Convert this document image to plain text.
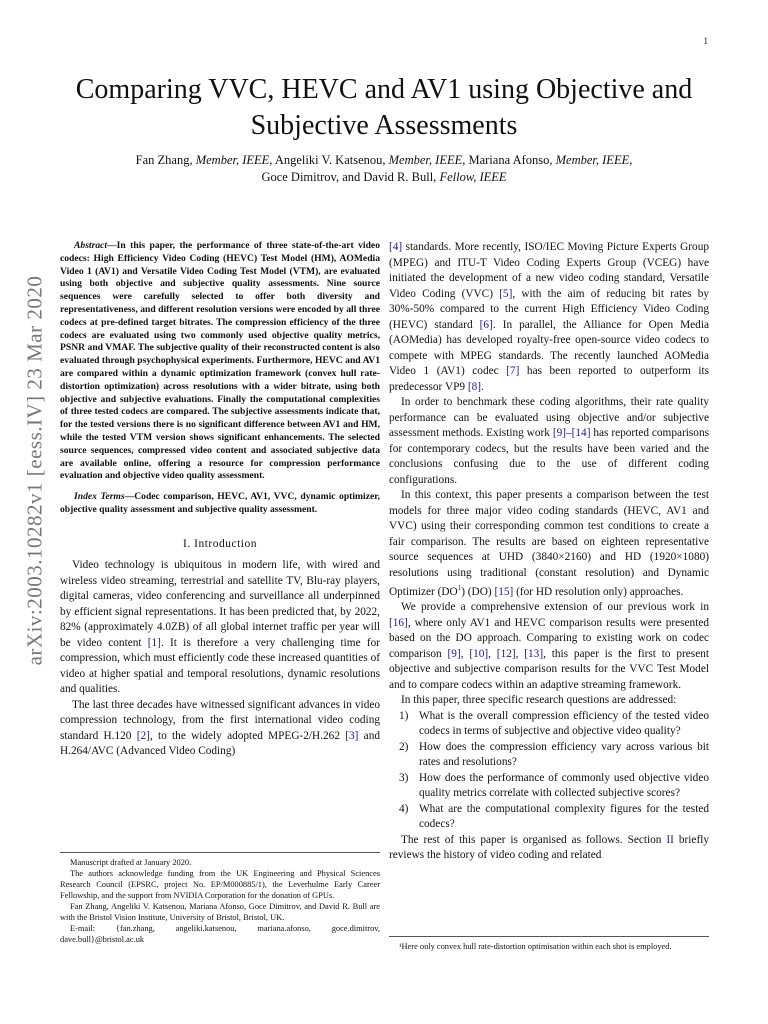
1
arXiv:2003.10282v1 [eess.IV] 23 Mar 2020
Comparing VVC, HEVC and AV1 using Objective and Subjective Assessments
Fan Zhang, Member, IEEE, Angeliki V. Katsenou, Member, IEEE, Mariana Afonso, Member, IEEE,
Goce Dimitrov, and David R. Bull, Fellow, IEEE

Abstract—In this paper, the performance of three state-of-the-art video codecs: High Efficiency Video Coding (HEVC) Test Model (HM), AOMedia Video 1 (AV1) and Versatile Video Coding Test Model (VTM), are evaluated using both objective and subjective quality assessments. Nine source sequences were carefully selected to offer both diversity and representativeness, and different resolution versions were encoded by all three codecs at pre-defined target bitrates. The compression efficiency of the three codecs are evaluated using two commonly used objective quality metrics, PSNR and VMAF. The subjective quality of their reconstructed content is also evaluated through psychophysical experiments. Furthermore, HEVC and AV1 are compared within a dynamic optimization framework (convex hull rate-distortion optimization) across resolutions with a wider bitrate, using both objective and subjective evaluations. Finally the computational complexities of three tested codecs are compared. The subjective assessments indicate that, for the tested versions there is no significant difference between AV1 and HM, while the tested VTM version shows significant enhancements. The selected source sequences, compressed video content and associated subjective data are available online, offering a resource for compression performance evaluation and objective video quality assessment.

Index Terms—Codec comparison, HEVC, AV1, VVC, dynamic optimizer, objective quality assessment and subjective quality assessment.

I. Introduction

Video technology is ubiquitous in modern life, with wired and wireless video streaming, terrestrial and satellite TV, Blu-ray players, digital cameras, video conferencing and surveillance all underpinned by efficient signal representations. It has been predicted that, by 2022, 82% (approximately 4.0ZB) of all global internet traffic per year will be video content [1]. It is therefore a very challenging time for compression, which must efficiently code these increased quantities of video at higher spatial and temporal resolutions, dynamic resolutions and qualities.

The last three decades have witnessed significant advances in video compression technology, from the first international video coding standard H.120 [2], to the widely adopted MPEG-2/H.262 [3] and H.264/AVC (Advanced Video Coding)

Manuscript drafted at January 2020.

The authors acknowledge funding from the UK Engineering and Physical Sciences Research Council (EPSRC, project No. EP/M000885/1), the Leverhulme Early Career Fellowship, and the support from NVIDIA Corporation for the donation of GPUs.

Fan Zhang, Angeliki V. Katsenou, Mariana Afonso, Goce Dimitrov, and David R. Bull are with the Bristol Vision Institute, University of Bristol, Bristol, UK.

E-mail: {fan.zhang, angeliki.katsenou, mariana.afonso, goce.dimitrov, dave.bull}@bristol.ac.uk

[4] standards. More recently, ISO/IEC Moving Picture Experts Group (MPEG) and ITU-T Video Coding Experts Group (VCEG) have initiated the development of a new video coding standard, Versatile Video Coding (VVC) [5], with the aim of reducing bit rates by 30%-50% compared to the current High Efficiency Video Coding (HEVC) standard [6]. In parallel, the Alliance for Open Media (AOMedia) has developed royalty-free open-source video codecs to compete with MPEG standards. The recently launched AOMedia Video 1 (AV1) codec [7] has been reported to outperform its predecessor VP9 [8].

In order to benchmark these coding algorithms, their rate quality performance can be evaluated using objective and/or subjective assessment methods. Existing work [9]–[14] has reported comparisons for contemporary codecs, but the results have been varied and the conclusions confusing due to the use of different coding configurations.

In this context, this paper presents a comparison between the test models for three major video coding standards (HEVC, AV1 and VVC) using their corresponding common test conditions to create a fair comparison. The results are based on eighteen representative source sequences at UHD (3840×2160) and HD (1920×1080) resolutions using traditional (constant resolution) and Dynamic Optimizer (DO$^1$) (DO) [15] (for HD resolution only) approaches.

We provide a comprehensive extension of our previous work in [16], where only AV1 and HEVC comparison results were presented based on the DO approach. Comparing to existing work on codec comparison [9], [10], [12], [13], this paper is the first to present objective and subjective comparison results for the VVC Test Model and to compare codecs within an adaptive streaming framework.

In this paper, three specific research questions are addressed:

1) What is the overall compression efficiency of the tested video codecs in terms of subjective and objective video quality?
2) How does the compression efficiency vary across various bit rates and resolutions?
3) How does the performance of commonly used objective video quality metrics correlate with collected subjective scores?
4) What are the computational complexity figures for the tested codecs?

The rest of this paper is organised as follows. Section II briefly reviews the history of video coding and related

¹Here only convex hull rate-distortion optimisation within each shot is employed.
